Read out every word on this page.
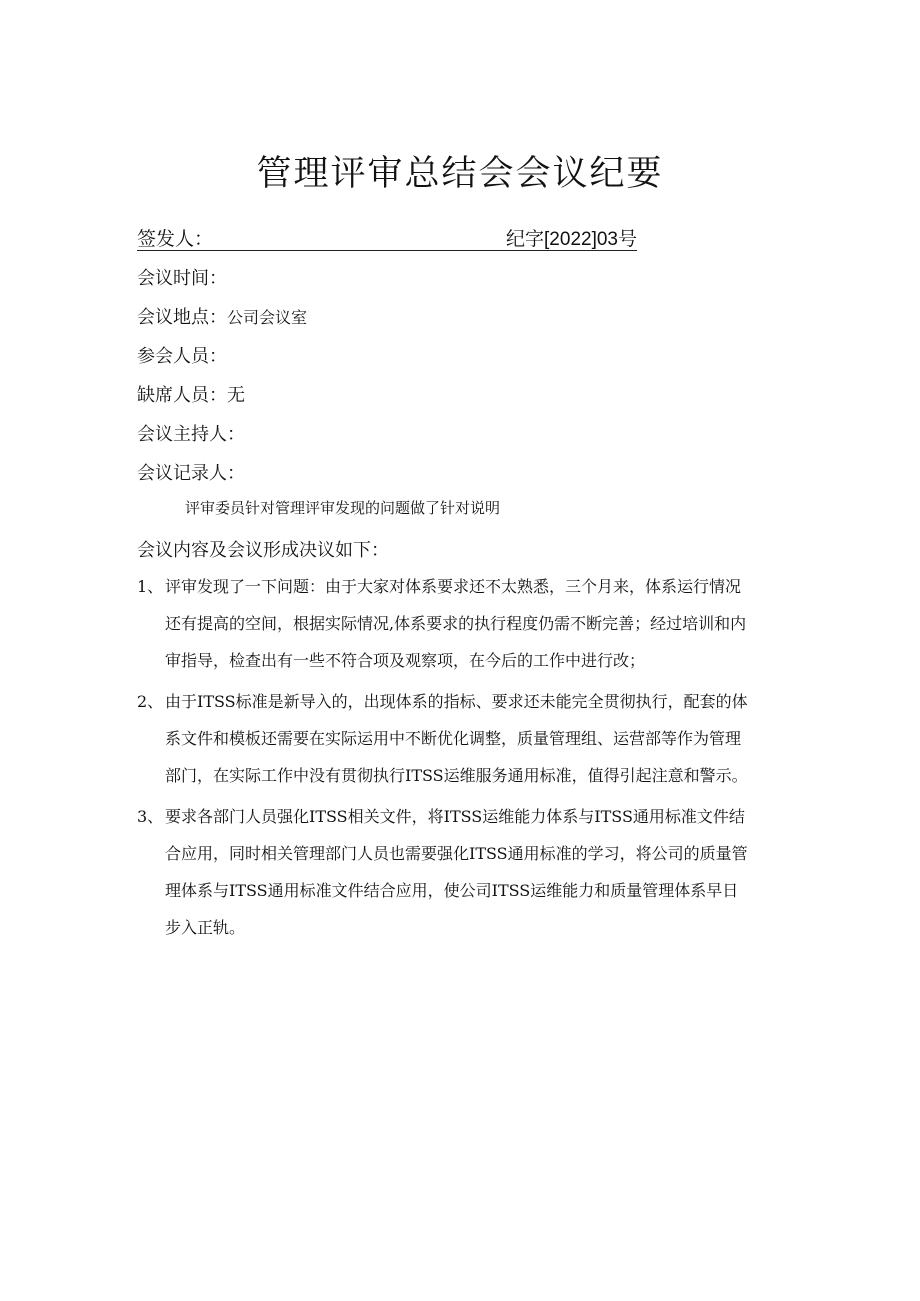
管理评审总结会会议纪要
签发人：	纪字[2022]03号
会议时间：
会议地点：公司会议室
参会人员：
缺席人员：无
会议主持人：
会议记录人：
评审委员针对管理评审发现的问题做了针对说明
会议内容及会议形成决议如下：
1、 评审发现了一下问题：由于大家对体系要求还不太熟悉，三个月来，体系运行情况
还有提高的空间，根据实际情况,体系要求的执行程度仍需不断完善；经过培训和内
审指导，检查出有一些不符合项及观察项，在今后的工作中进行改；
2、 由于ITSS标准是新导入的，出现体系的指标、要求还未能完全贯彻执行，配套的体
系文件和模板还需要在实际运用中不断优化调整，质量管理组、运营部等作为管理
部门，在实际工作中没有贯彻执行ITSS运维服务通用标准，值得引起注意和警示。
3、 要求各部门人员强化ITSS相关文件，将ITSS运维能力体系与ITSS通用标准文件结
合应用，同时相关管理部门人员也需要强化ITSS通用标准的学习，将公司的质量管
理体系与ITSS通用标准文件结合应用，使公司ITSS运维能力和质量管理体系早日
步入正轨。
